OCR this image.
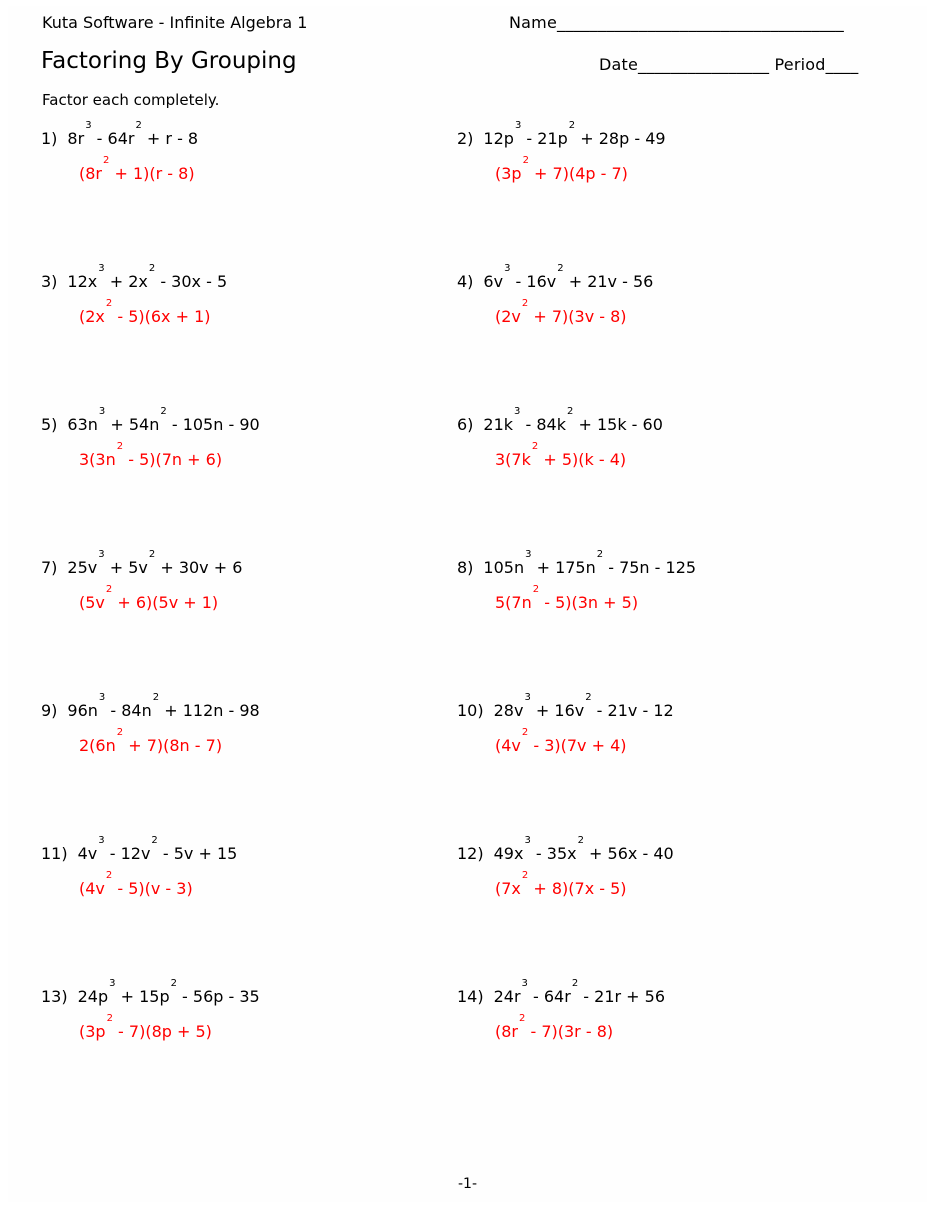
Kuta Software - Infinite Algebra 1	Name___________________________________
Factoring By Grouping	Date________________ Period____
Factor each completely.
1) $8r^3 - 64r^2 + r - 8$
$(8r^2 + 1)(r - 8)$
2) $12p^3 - 21p^2 + 28p - 49$
$(3p^2 + 7)(4p - 7)$
3) $12x^3 + 2x^2 - 30x - 5$
$(2x^2 - 5)(6x + 1)$
4) $6v^3 - 16v^2 + 21v - 56$
$(2v^2 + 7)(3v - 8)$
5) $63n^3 + 54n^2 - 105n - 90$
$3(3n^2 - 5)(7n + 6)$
6) $21k^3 - 84k^2 + 15k - 60$
$3(7k^2 + 5)(k - 4)$
7) $25v^3 + 5v^2 + 30v + 6$
$(5v^2 + 6)(5v + 1)$
8) $105n^3 + 175n^2 - 75n - 125$
$5(7n^2 - 5)(3n + 5)$
9) $96n^3 - 84n^2 + 112n - 98$
$2(6n^2 + 7)(8n - 7)$
10) $28v^3 + 16v^2 - 21v - 12$
$(4v^2 - 3)(7v + 4)$
11) $4v^3 - 12v^2 - 5v + 15$
$(4v^2 - 5)(v - 3)$
12) $49x^3 - 35x^2 + 56x - 40$
$(7x^2 + 8)(7x - 5)$
13) $24p^3 + 15p^2 - 56p - 35$
$(3p^2 - 7)(8p + 5)$
14) $24r^3 - 64r^2 - 21r + 56$
$(8r^2 - 7)(3r - 8)$
-1-
